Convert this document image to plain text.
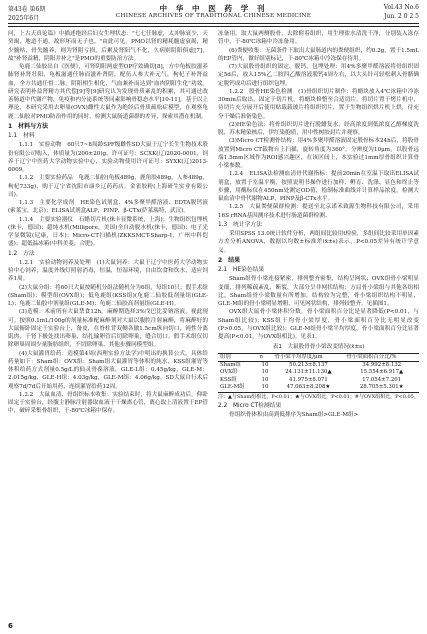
第43卷 第6期	Vol.43 No.6
2025年6月	Jun. 2 0 2 5
中 华 中 医 药 学 刊
CHINESE ARCHIVES OF TRADITIONAL CHINESE MEDICINE

问，上古天真论篇》中描述绝经后妇女生理状态："七七任脉虚，太冲脉衰少，天癸竭，地道不通，故形坏而无子也。"由此可见，PMO以肾的精耗髓虚衰竭，精少髓枯，骨失髓养，则为肾阴亏损，后累及肾阳气不化，久病则阴阳俱虚[7]，故"补肾益精，阴阳并补之"是PMO的重要防治方法。

龟鹿二仙胶出自《医便》，可肾阴阳两虚型OP疗效确切[8]，方中龟板胶滋养肺肾补肾壮阳，龟板滋通任脉而滋补肾阴，配伍人参大补元气，枸杞子补肾益血，全方共通任督二脉，阴阳相生相化，气血兼补而达到"血肉阴阳生化"功效。研究表明补益肾精方其代偿[9]等[9]研究认为发现骨质紊乱的积累，其可通过改善肠道中代谢产物，免疫和内分泌系统等同素影响骨稳态水平[10-11]。基于以上理论，本研究采用去卵巢(OVX)雌性大鼠作为绝经后骨质疏松症模型，在观察龟鹿二仙胶对PMO防治作用的同时，检测大鼠肠道菌群的差异，探索其潜在机制。

1　材料与方法
1.1　材料

1.1.1　实验动物　60只7~8周龄SPF级雌性SD大鼠于辽宁长生生物技术股份有限公司购入，体质量为(200±20)g，许可证号：SCXK(辽)2020-0001，饲养于辽宁中医药大学动物实验中心，实验动物使用许可证号：SYXK(辽)2013-0009。

1.1.2　主要实验药品　龟鹿二仙胶(龟板489g，鹿角胶489g，人参489g，枸杞733g)，购于辽宁省沈阳市康乡辽药药店。金雀胶粉(上海研生实业有限公司)。

1.1.3　主要化学成剂　HE染色试剂盒、4%多聚甲醛溶液、EDTA脱钙液(索莱宝，北京)；ELISA试剂盒ALP，PINP，β-CTx(萨莱瑞特，武汉)。

1.1.4　主要实验器仪　石蜡切片机(徕卡显微系统，上海)；生物组织包埋机(徕卡，德国)；超纯水机(Millipore，美国)全自动脱水机(徕卡，德国)；电子光学显微镜(尼康，日本)；Micro-CT扫描机(ZKKSMCT-Sharp-Ⅰ，广州中科恺盛)；超低温冰箱(中科美菱，合肥)。

1.2　方法

1.2.1　实验动物饲养及处理　(1)大鼠饲养：大鼠于辽宁中医药大学动物实验中心饲养，温度外线灯照射消毒，恒温，恒湿环境，自由饮食和饮水，适应饲养1周。

(2)大鼠分组：将60只大鼠按随机分组法随机分为6组，每组10只；假手术组(Sham组)；模型组(OVX组)；低龟鹿组(KSS组)(龟鹿二仙胶低剂量组(GLE-L)；龟鹿二仙胶中剂量组(GLE-M)；龟鹿二仙胶高剂量组(GLE-H)。

(3)造模：术前所有大鼠禁食12h。麻醉期选择3%戊巴比妥钠溶液，视此现可。按照0.1mL/100g的剂量标准配麻醉剂对大鼠以腹腔注射麻醉，将麻醉好的大鼠俯卧固定于实验台上，备皮，在脊柱背双侧各做1.5cm纵向切口，钝性分离肌肉，于肾下极处找出卵巢，结扎输卵管后切除卵巢，缝合切口。假手术组仅切除卵巢周围少量脂肪组织，不切除卵巢，其他步骤同模型组。

(4)大鼠灌胃给药：造模第4周(西理实验方法学)中明出的换算公式，具体给药量如下：Sham组：OVX组：Sham组大鼠灌胃等体积的纯水，KSS组灌胃等体积给药方式剂量0.5g/L的仙灵骨葆溶液，GLE-L组：0.45g/kg，GLE-M：2.015g/kg，GLE-H组：4.03g/kg，GLE-M组：4.06g/kg。SD大鼠自行术后观察7d/7d后开始用药，连续灌胃给药12周。

1.2.2　大鼠血清、骨组织标本收集：实验结束时，将大鼠麻醉成功后，仰卧固定于实验台，经腹主静脉注射器取血液于干燥离心管，离心取上清液置于EP管中，破碎采集骨组织，于-80℃冰箱中保存。

冻备用。取大鼠两侧股骨，去除附着组织，用生理盐水清洗干净，分别装入冻存管中，于-80℃冰箱中冷冻备用。

(6)粪便收集：无菌条件下取出大鼠肠道内的粪便组织，约0.2g，置于1.5mL的EP管内，做好组别标记，于-80℃冰箱中冷冻保存待用。

(7)大鼠股骨组织的固定、脱钙、包埋处理：用4%多聚甲醛溶液将骨组织固定5d后，放入15%乙二胺四乙酸溶液脱钙4周左右，以大头针可轻松刺入骨骼确定脱钙成功后进行组织包埋。

1.2.2　股骨HE染色检测　(1)骨组织切片制作：将蜡块放入4℃冰箱中冷冻30min后取出，固定于切片机，将蜡块修整至合适切片，将切片置于烤片机中，待切片充分展开后使用贴载载玻片将组织切片，置于生物组织烘片机上烘，待充分干燥后准备染色。

(2)HE染色法：将骨组织切片进行脱蜡复水，经高浓度到低浓度乙醇梯度洗脱，苏木精染核后，伊红染胞质，用中性树胶封片并观察。

(3)Micro CT检测骨结构：用4%多聚甲醛溶液固定股骨标本24h后，将股骨放置到Micro CT载物台上扫描，旋转角度为360°，分辨度为10μm，以股骨远端1.5mm区域作为ROI感兴趣区，在该区间上，本实验过1mm厚骨组织计算骨小梁参数。

1.2.4　ELISA法检测血清骨代谢指标：提前20min在室温下取出ELISA试剂盒，放置于室温平衡，按照说明书操作进行加样、孵育、洗涤、显色和终止等步骤，用酶标仪在450nm处测定OD值，绘制标准曲线并计算样品浓度，检测大鼠血清中骨代谢物ALP，PINP及β-CTx水平。

1.2.5　大鼠粪便菌群检测：提送至北京诺禾致源生物科技有限公司，采用16S rRNA基因测序技术进行肠道菌群检测。

1.3　统计学方法

采用SPSS 13.0统计软件分析，两组间比较用t检验，多组间比较采用单因素方差分析ANOVA，数据以均数±标准差(x̄±s)表示，P<0.05差异有统计学意义。

2　结果
2.1　HE染色结果

Sham组骨小梁连接紧密，排列整齐密集，结构呈网状；OVX组骨小梁明显变细，排列稀疏紊乱，断裂，大部分呈非网状结构；方局骨小梁组与其他各组相比，Sham组骨小梁数量有所增加，结构较为完整，骨小梁组织结构不明显，GLE-M组的骨小梁明显增粗，可见网状结构，排列较整齐。见插图1。

OVX组大鼠骨小梁体积分数，骨小梁面积百分比是显著降低(P<0.01，与Sham组比较)；KSS组干均骨小梁厚度，骨小梁面积百分比无明显改变(P>0.05，与OVX组比较)；GLE-M组骨小梁平均厚度，骨小梁面积百分比显著提高(P<0.01，与OVX组相比)。见表1。

表1　大鼠股骨骨小梁改变情况(x̄±s)
组别	n	骨小梁平均厚度/μm	骨小梁面积百分比/%
Sham组	10	50.213±8.137	34.992±8.132
OVX组	10	24.131±11.130▲	15.554±6.917▲
KSS组	10	41.975±8.071	17.054±7.201
GLE-M组	10	47.063±8.208★	28.705±5.301★
注：▲与Sham组相比，P<0.01；★与OVX组比，P<0.01；#与OVX组相比，P<0.05。
2.2　Micro CT检测结果

骨组织骨体积由高到低排序为Sham组>GLE-M组>

6
